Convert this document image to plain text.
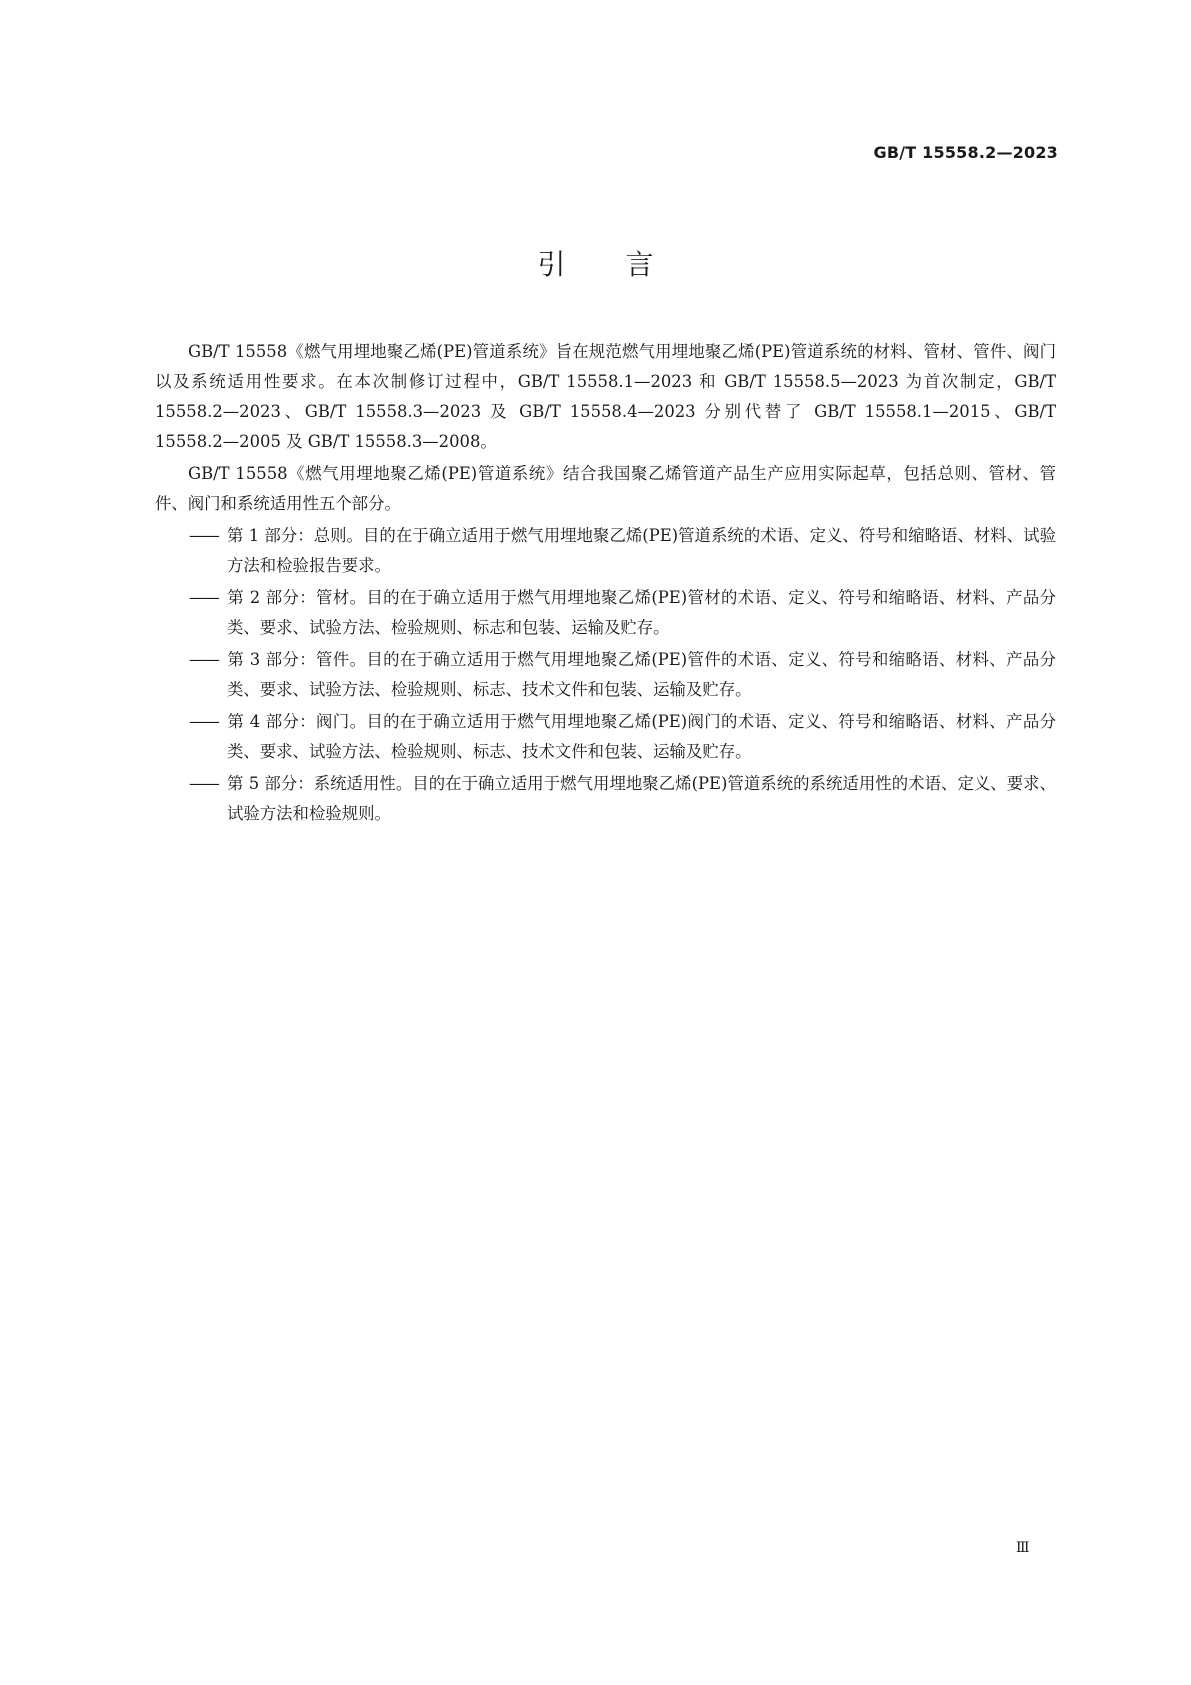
GB/T 15558.2—2023
引言

GB/T 15558《燃气用埋地聚乙烯(PE)管道系统》旨在规范燃气用埋地聚乙烯(PE)管道系统的材料、管材、管件、阀门以及系统适用性要求。在本次制修订过程中，GB/T 15558.1—2023 和 GB/T 15558.5—2023 为首次制定，GB/T 15558.2—2023、GB/T 15558.3—2023 及 GB/T 15558.4—2023 分别代替了 GB/T 15558.1—2015、GB/T 15558.2—2005 及 GB/T 15558.3—2008。

GB/T 15558《燃气用埋地聚乙烯(PE)管道系统》结合我国聚乙烯管道产品生产应用实际起草，包括总则、管材、管件、阀门和系统适用性五个部分。

—— 第 1 部分：总则。目的在于确立适用于燃气用埋地聚乙烯(PE)管道系统的术语、定义、符号和缩略语、材料、试验方法和检验报告要求。

—— 第 2 部分：管材。目的在于确立适用于燃气用埋地聚乙烯(PE)管材的术语、定义、符号和缩略语、材料、产品分类、要求、试验方法、检验规则、标志和包装、运输及贮存。

—— 第 3 部分：管件。目的在于确立适用于燃气用埋地聚乙烯(PE)管件的术语、定义、符号和缩略语、材料、产品分类、要求、试验方法、检验规则、标志、技术文件和包装、运输及贮存。

—— 第 4 部分：阀门。目的在于确立适用于燃气用埋地聚乙烯(PE)阀门的术语、定义、符号和缩略语、材料、产品分类、要求、试验方法、检验规则、标志、技术文件和包装、运输及贮存。

—— 第 5 部分：系统适用性。目的在于确立适用于燃气用埋地聚乙烯(PE)管道系统的系统适用性的术语、定义、要求、试验方法和检验规则。

Ⅲ
